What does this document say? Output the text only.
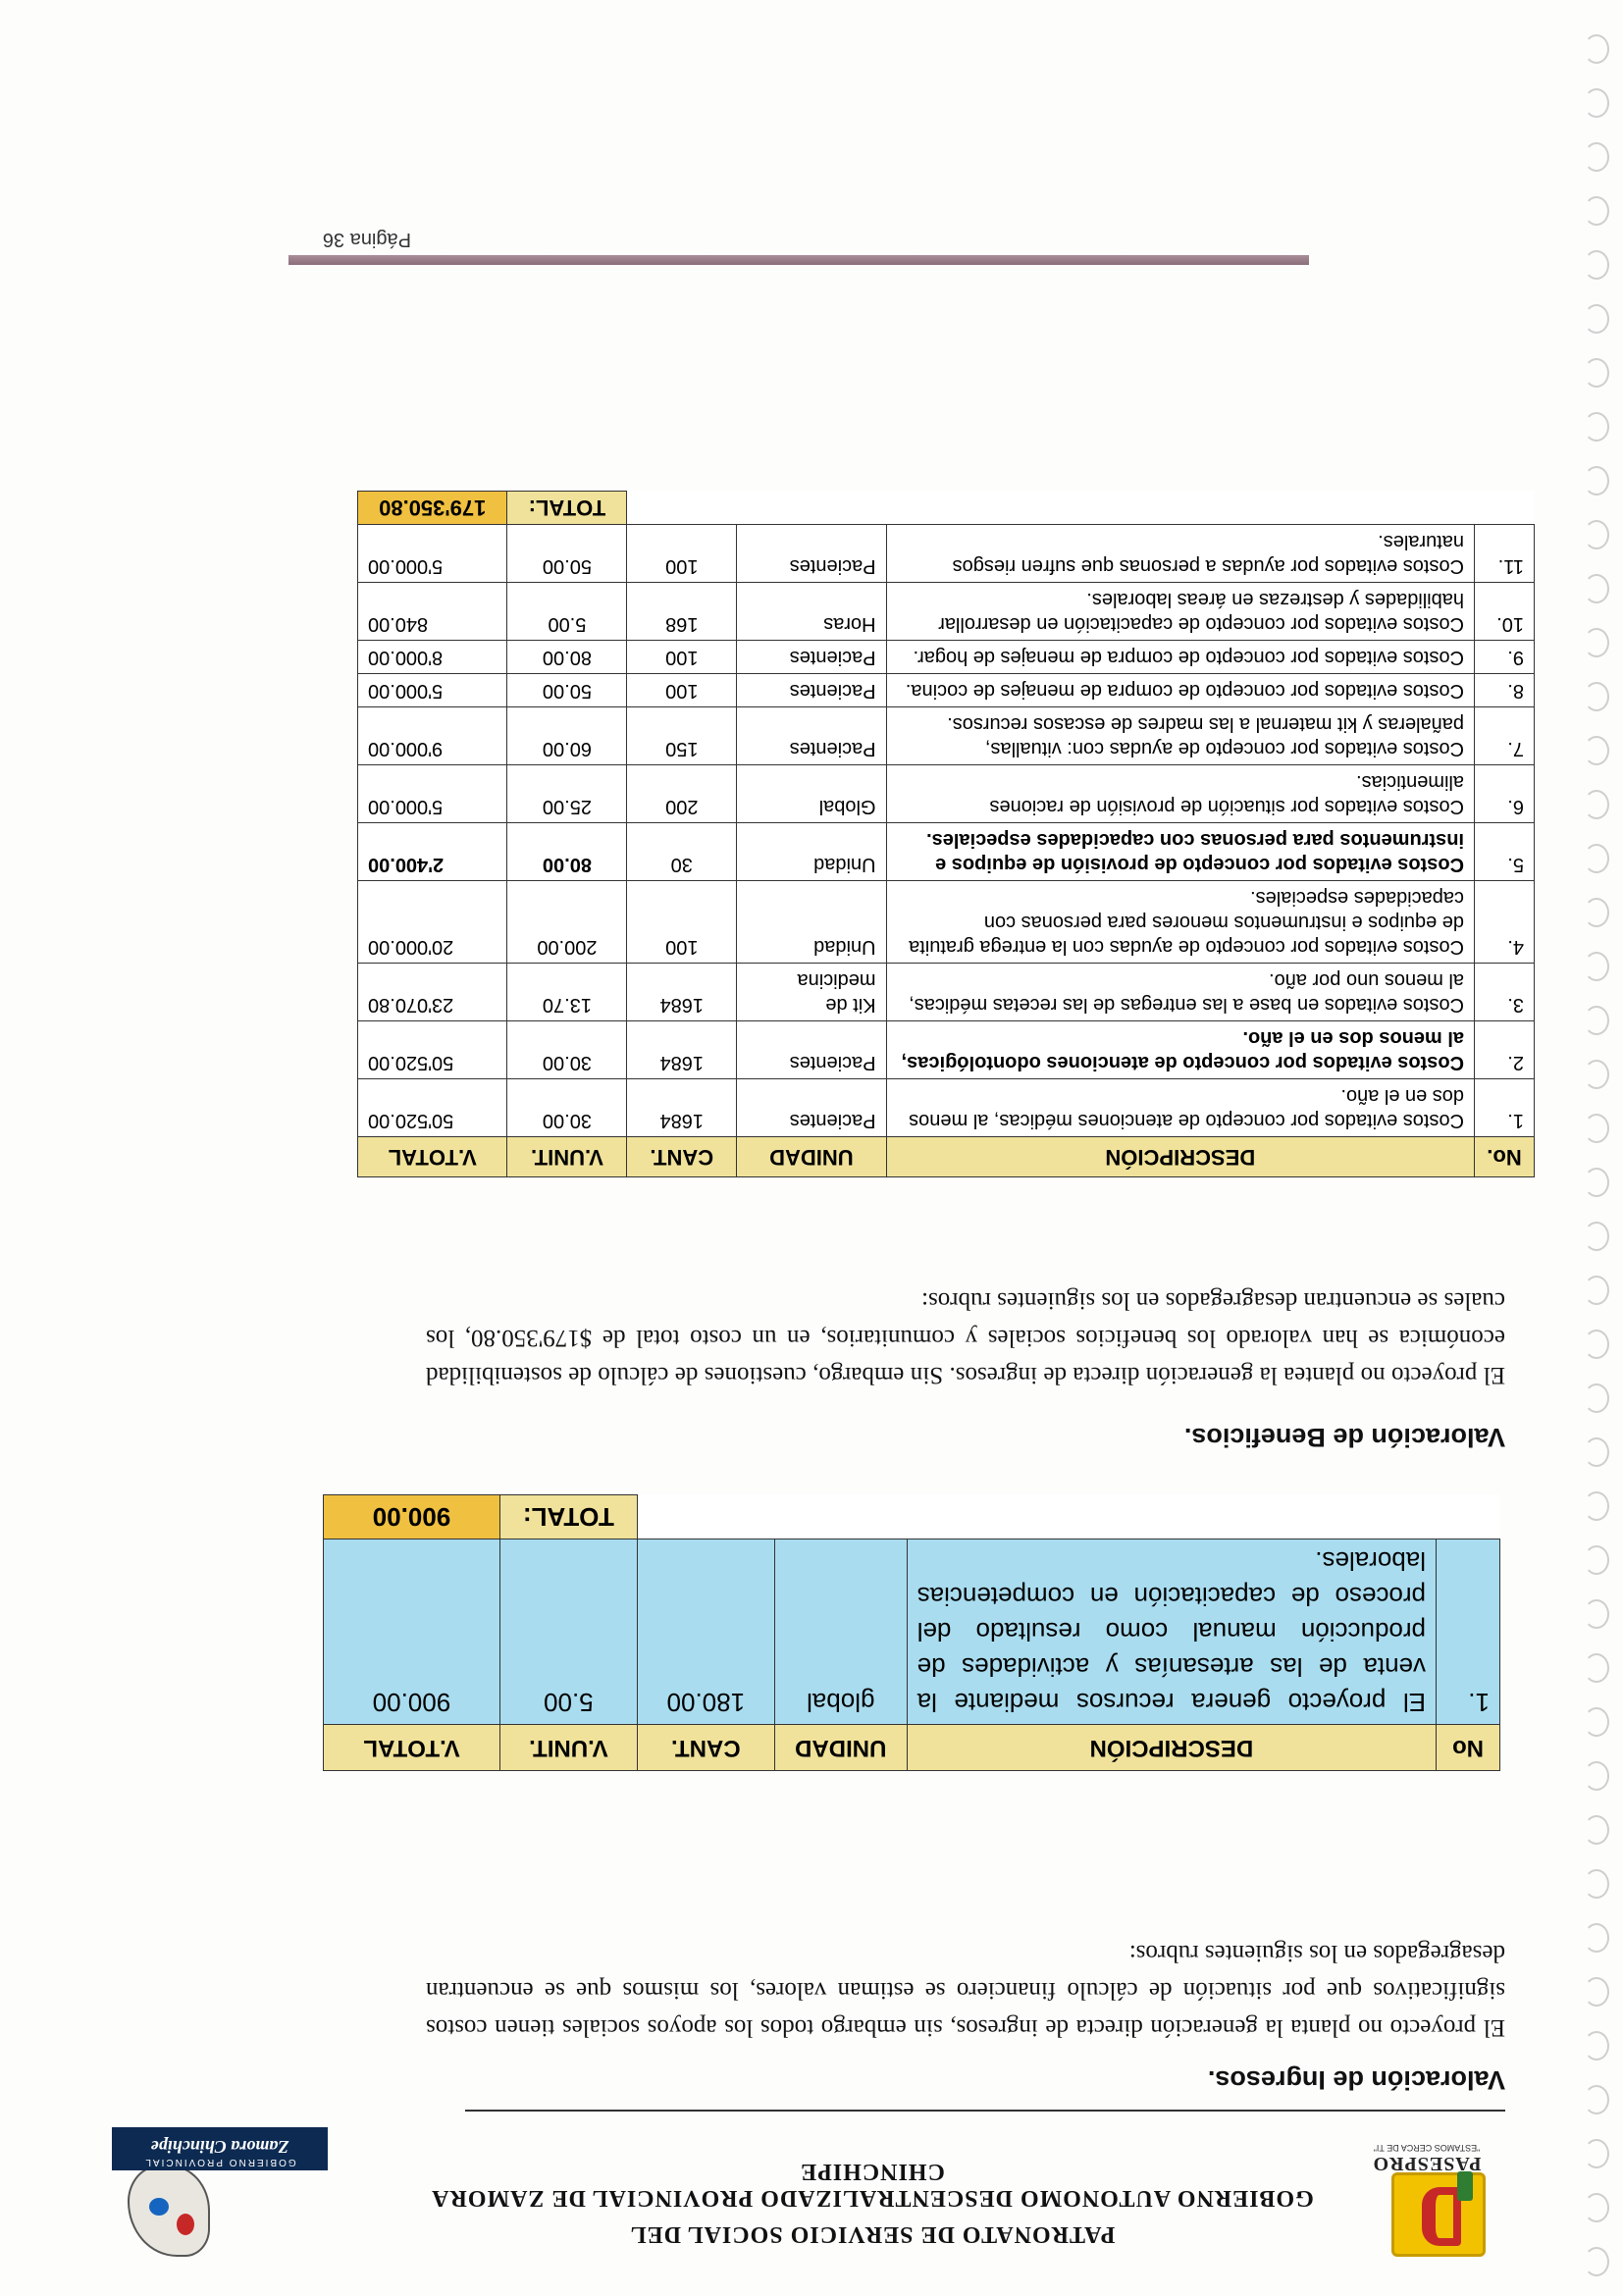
PASESPRO
"ESTAMOS CERCA DE TI"
PATRONATO DE SERVICIO SOCIAL DEL
GOBIERNO AUTONOMO DESCENTRALIZADO PROVINCIAL DE ZAMORA CHINCHIPE
GOBIERNO PROVINCIAL
Zamora Chinchipe
Valoración de Ingresos.
El proyecto no planta la generación directa de ingresos, sin embargo todos los apoyos sociales tienen costos significativos que por situación de cálculo financiero se estiman valores, los mismos que se encuentran desagregados en los siguientes rubros:
No	DESCRIPCIÓN	UNIDAD	CANT.	V.UNIT.	V.TOTAL
1.	El proyecto genera recursos mediante la venta de las artesanías y actividades de producción manual como resultado del proceso de capacitación en competencias laborales.	global	180.00	5.00	900.00
				TOTAL:	900.00
Valoración de Beneficios.
El proyecto no plantea la generación directa de ingresos. Sin embargo, cuestiones de cálculo de sostenibilidad económica se han valorado los beneficios sociales y comunitarios, en un costo total de $179'350.80, los cuales se encuentran desagregados en los siguientes rubros:
No.	DESCRIPCIÓN	UNIDAD	CANT.	V.UNIT.	V.TOTAL
1.	Costos evitados por concepto de atenciones médicas, al menos dos en el año.	Pacientes	1684	30.00	50'520.00
2.	Costos evitados por concepto de atenciones odontológicas, al menos dos en el año.	Pacientes	1684	30.00	50'520.00
3.	Costos evitados en base a las entregas de las recetas médicas, al menos uno por año.	Kit de medicina	1684	13.70	23'070.80
4.	Costos evitados por concepto de ayudas con la entrega gratuita de equipos e instrumentos menores para personas con capacidades especiales.	Unidad	100	200.00	20'000.00
5.	Costos evitados por concepto de provisión de equipos e instrumentos para personas con capacidades especiales.	Unidad	30	80.00	2'400.00
6.	Costos evitados por situación de provisión de raciones alimenticias.	Global	200	25.00	5'000.00
7.	Costos evitados por concepto de ayudas con: vituallas, pañaleras y kit maternal a las madres de escasos recursos.	Pacientes	150	60.00	9'000.00
8.	Costos evitados por concepto de compra de menajes de cocina.	Pacientes	100	50.00	5'000.00
9.	Costos evitados por concepto de compra de menajes de hogar.	Pacientes	100	80.00	8'000.00
10.	Costos evitados por concepto de capacitación en desarrollar habilidades y destrezas en áreas laborales.	Horas	168	5.00	840.00
11.	Costos evitados por ayudas a personas que sufren riesgos naturales.	Pacientes	100	50.00	5'000.00
				TOTAL:	179'350.80
Página 36
